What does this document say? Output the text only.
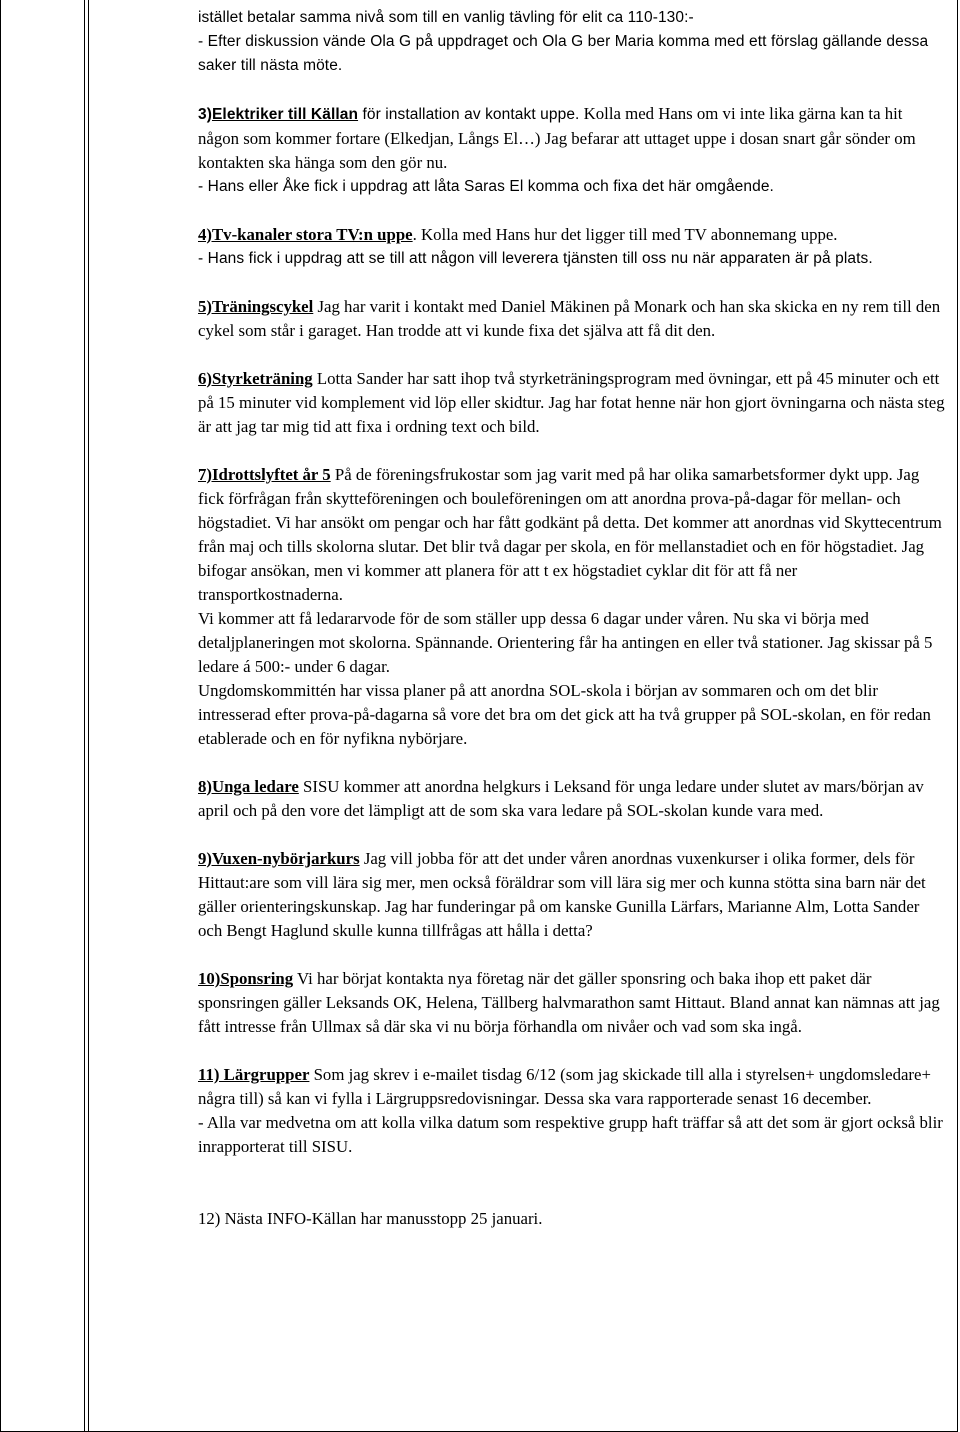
istället betalar samma nivå som till en vanlig tävling för elit ca 110-130:-

- Efter diskussion vände Ola G på uppdraget och Ola G ber Maria komma med ett förslag gällande dessa saker till nästa möte.

3)Elektriker till Källan för installation av kontakt uppe. Kolla med Hans om vi inte lika gärna kan ta hit någon som kommer fortare (Elkedjan, Långs El…) Jag befarar att uttaget uppe i dosan snart går sönder om kontakten ska hänga som den gör nu.

- Hans eller Åke fick i uppdrag att låta Saras El komma och fixa det här omgående.

4)Tv-kanaler stora TV:n uppe. Kolla med Hans hur det ligger till med TV abonnemang uppe.

- Hans fick i uppdrag att se till att någon vill leverera tjänsten till oss nu när apparaten är på plats.

5)Träningscykel Jag har varit i kontakt med Daniel Mäkinen på Monark och han ska skicka en ny rem till den cykel som står i garaget. Han trodde att vi kunde fixa det själva att få dit den.

6)Styrketräning Lotta Sander har satt ihop två styrketräningsprogram med övningar, ett på 45 minuter och ett på 15 minuter vid komplement vid löp eller skidtur. Jag har fotat henne när hon gjort övningarna och nästa steg är att jag tar mig tid att fixa i ordning text och bild.

7)Idrottslyftet år 5 På de föreningsfrukostar som jag varit med på har olika samarbetsformer dykt upp. Jag fick förfrågan från skytteföreningen och bouleföreningen om att anordna prova-på-dagar för mellan- och högstadiet. Vi har ansökt om pengar och har fått godkänt på detta. Det kommer att anordnas vid Skyttecentrum från maj och tills skolorna slutar. Det blir två dagar per skola, en för mellanstadiet och en för högstadiet. Jag bifogar ansökan, men vi kommer att planera för att t ex högstadiet cyklar dit för att få ner transportkostnaderna.

Vi kommer att få ledararvode för de som ställer upp dessa 6 dagar under våren. Nu ska vi börja med detaljplaneringen mot skolorna. Spännande. Orientering får ha antingen en eller två stationer. Jag skissar på 5 ledare á 500:- under 6 dagar.

Ungdomskommittén har vissa planer på att anordna SOL-skola i början av sommaren och om det blir intresserad efter prova-på-dagarna så vore det bra om det gick att ha två grupper på SOL-skolan, en för redan etablerade och en för nyfikna nybörjare.

8)Unga ledare SISU kommer att anordna helgkurs i Leksand för unga ledare under slutet av mars/början av april och på den vore det lämpligt att de som ska vara ledare på SOL-skolan kunde vara med.

9)Vuxen-nybörjarkurs Jag vill jobba för att det under våren anordnas vuxenkurser i olika former, dels för Hittaut:are som vill lära sig mer, men också föräldrar som vill lära sig mer och kunna stötta sina barn när det gäller orienteringskunskap. Jag har funderingar på om kanske Gunilla Lärfars, Marianne Alm, Lotta Sander och Bengt Haglund skulle kunna tillfrågas att hålla i detta?

10)Sponsring Vi har börjat kontakta nya företag när det gäller sponsring och baka ihop ett paket där sponsringen gäller Leksands OK, Helena, Tällberg halvmarathon samt Hittaut. Bland annat kan nämnas att jag fått intresse från Ullmax så där ska vi nu börja förhandla om nivåer och vad som ska ingå.

11) Lärgrupper Som jag skrev i e-mailet tisdag 6/12 (som jag skickade till alla i styrelsen+ ungdomsledare+ några till) så kan vi fylla i Lärgruppsredovisningar. Dessa ska vara rapporterade senast 16 december.

- Alla var medvetna om att kolla vilka datum som respektive grupp haft träffar så att det som är gjort också blir inrapporterat till SISU.

12) Nästa INFO-Källan har manusstopp 25 januari.
